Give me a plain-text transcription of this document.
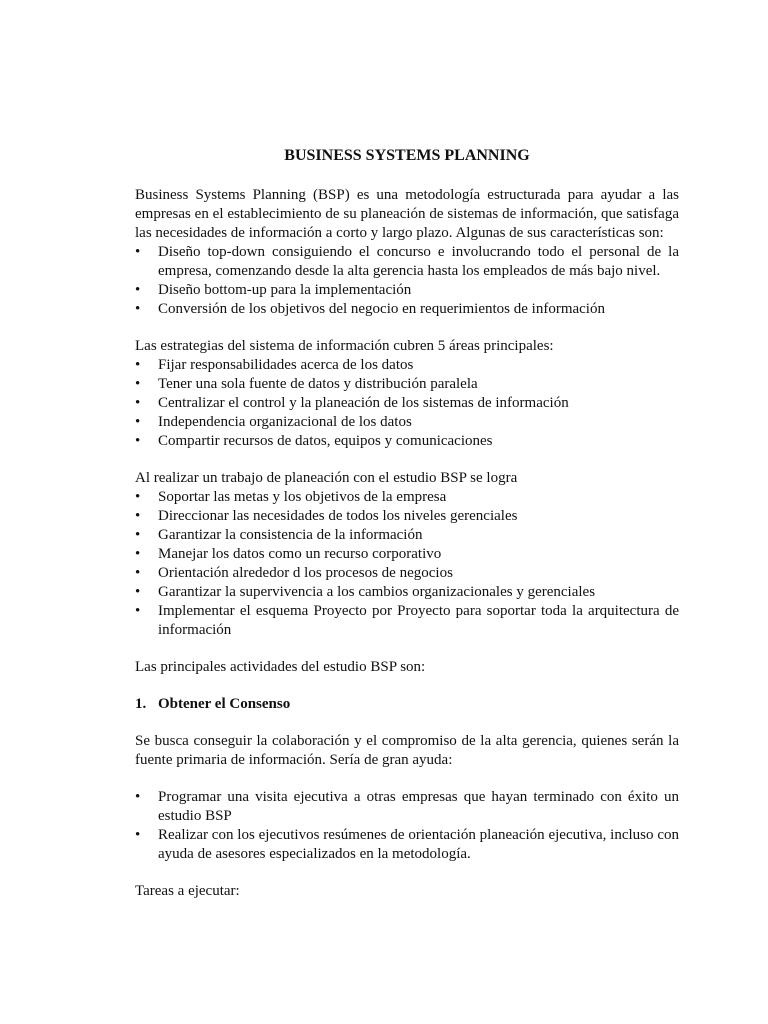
BUSINESS SYSTEMS PLANNING

Business Systems Planning (BSP) es una metodología estructurada para ayudar a las empresas en el establecimiento de su planeación de sistemas de información, que satisfaga las necesidades de información a corto y largo plazo. Algunas de sus características son:

• Diseño top-down consiguiendo el concurso e involucrando todo el personal de la empresa, comenzando desde la alta gerencia hasta los empleados de más bajo nivel.
• Diseño bottom-up para la implementación
• Conversión de los objetivos del negocio en requerimientos de información

Las estrategias del sistema de información cubren 5 áreas principales:

• Fijar responsabilidades acerca de los datos
• Tener una sola fuente de datos y distribución paralela
• Centralizar el control y la planeación de los sistemas de información
• Independencia organizacional de los datos
• Compartir recursos de datos, equipos y comunicaciones

Al realizar un trabajo de planeación con el estudio BSP se logra

• Soportar las metas y los objetivos de la empresa
• Direccionar las necesidades de todos los niveles gerenciales
• Garantizar la consistencia de la información
• Manejar los datos como un recurso corporativo
• Orientación alrededor d los procesos de negocios
• Garantizar la supervivencia a los cambios organizacionales y gerenciales
• Implementar el esquema Proyecto por Proyecto para soportar toda la arquitectura de información

Las principales actividades del estudio BSP son:

1. Obtener el Consenso

Se busca conseguir la colaboración y el compromiso de la alta gerencia, quienes serán la fuente primaria de información. Sería de gran ayuda:

• Programar una visita ejecutiva a otras empresas que hayan terminado con éxito un estudio BSP
• Realizar con los ejecutivos resúmenes de orientación planeación ejecutiva, incluso con ayuda de asesores especializados en la metodología.

Tareas a ejecutar:
